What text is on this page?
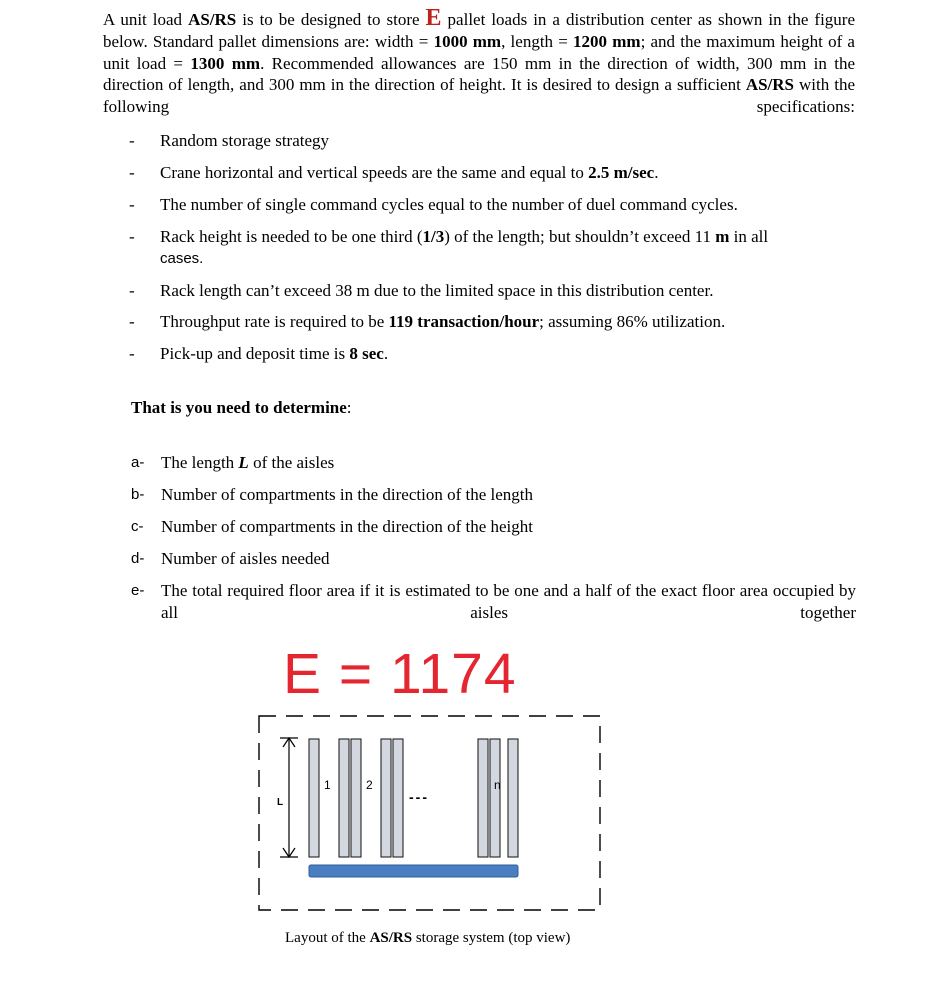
A unit load AS/RS is to be designed to store E pallet loads in a distribution center as shown in the figure below. Standard pallet dimensions are: width = 1000 mm, length = 1200 mm; and the maximum height of a unit load = 1300 mm. Recommended allowances are 150 mm in the direction of width, 300 mm in the direction of length, and 300 mm in the direction of height. It is desired to design a sufficient AS/RS with the following specifications:

- Random storage strategy
- Crane horizontal and vertical speeds are the same and equal to 2.5 m/sec.
- The number of single command cycles equal to the number of duel command cycles.
- Rack height is needed to be one third (1/3) of the length; but shouldn’t exceed 11 m in all
cases.
- Rack length can’t exceed 38 m due to the limited space in this distribution center.
- Throughput rate is required to be 119 transaction/hour; assuming 86% utilization.
- Pick-up and deposit time is 8 sec.

That is you need to determine:

a- The length L of the aisles
b- Number of compartments in the direction of the length
c- Number of compartments in the direction of the height
d- Number of aisles needed
e- The total required floor area if it is estimated to be one and a half of the exact floor area occupied by all aisles together
E = 1174
L
1	2	n
---

Layout of the AS/RS storage system (top view)
